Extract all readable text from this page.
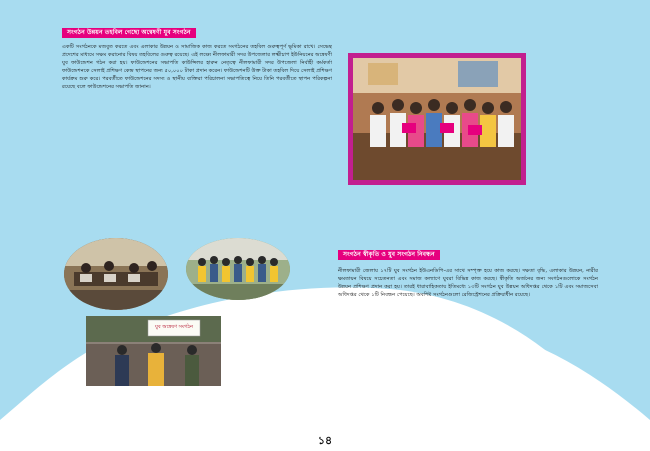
সংগঠন উন্নয়ন তহবিল গেছো অন্বেষণী যুব সংগঠন

একটি সংগঠনকে মজবুত করতে এবং এলাকার উন্নয়ন ও সামাজিক কাজ করতে সংগঠনের তহবিল গুরুত্বপূর্ণ ভূমিকা রাখে। সেভেন্থ প্রদেশের মাধ্যমে সক্ষম করানোর বিষয় তহবিলের গুরুত্ব রয়েছে। এই লক্ষ্যে নীলফামারী সদর উপজেলার লক্ষ্মীচাপ ইউনিয়নের অন্বেষণী যুব ফাউন্ডেশন গঠন করা হয়। ফাউন্ডেশনের সভাপতি কাউন্সিলর হারুন নেতৃত্বে নীলফামারী সদর উপজেলা নির্বাহী কর্মকর্তা ফাউন্ডেশনকে সেলাই প্রশিক্ষণ কেন্দ্র স্থাপনের জন্য ৫০,০০০ টাকা প্রদান করেন। ফাউন্ডেশনটি উক্ত টাকা তহবিল দিয়ে সেলাই প্রশিক্ষণ কার্যক্রম শুরু করে। পরবর্তীতে ফাউন্ডেশনের সদস্য ও স্থানীয় ব্যক্তিরা পরিচালনা সভাপতিত্বে নিয়ে তিনি পরবর্তীতে স্থাপন পরিকল্পনা রয়েছে বলে ফাউন্ডেশনের সভাপতি জানান।

যুব অন্বেষণ সংগঠন
সংগঠন স্বীকৃতি ও যুব সংগঠন নিবন্ধন

নীলফামারী জেলায় ১৭টি যুব সংগঠন ইউএনডিপি-এর সাথে সম্পৃক্ত হয়ে কাজ করছে। দক্ষতা বৃদ্ধি, এলাকার উন্নয়ন, নারীর ক্ষমতায়ন বিষয়ে সচেতনতা এবং সমাজ কল্যাণে যুবরা বিভিন্ন কাজ করছে। স্বীকৃতি অর্জনের জন্য সংগঠনগুলোকে সংগঠন উন্নয়ন প্রশিক্ষণ প্রদান করা হয়। তারই ধারাবাহিকতায় ইতিমধ্যে ১৩টি সংগঠন যুব উন্নয়ন অধিদপ্তর থেকে ১টি এবং সমাজসেবা অধিদপ্তর থেকে ১টি নিবন্ধন পেয়েছে। অবশিষ্ট সংগঠনগুলো রেজিস্ট্রেশনের প্রক্রিয়াধীন রয়েছে।

১৪
